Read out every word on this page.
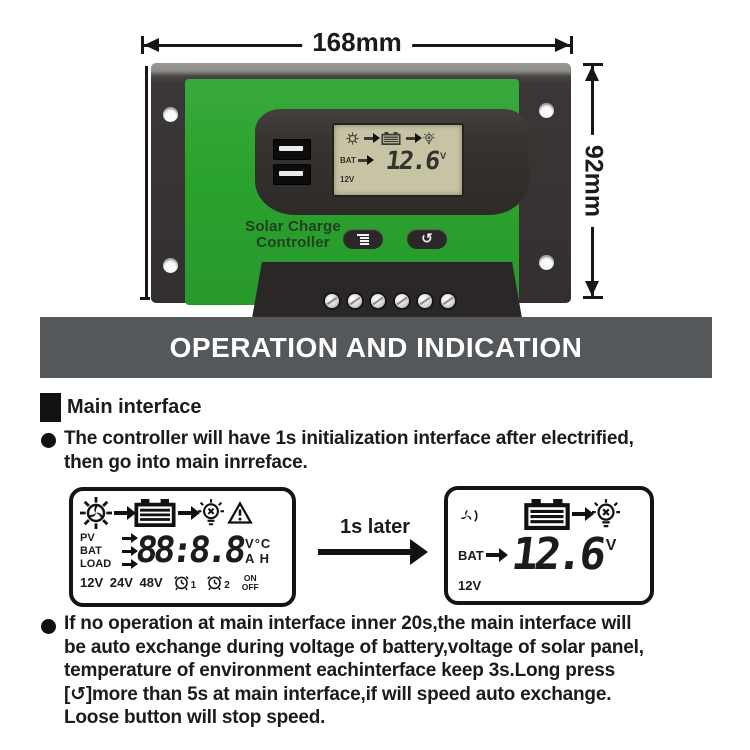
168mm
92mm
BAT 12.6 V
12V
Solar Charge
Controller	↺
OPERATION AND INDICATION
Main interface
The controller will have 1s initialization interface after electrified,
then go into main inrreface.
PV
BAT
LOAD 88:8.8 V°C
A H
12V 24V 48V	1	2
ON
OFF
1s later
BAT 12.6 V
12V
If no operation at main interface inner 20s,the main interface will
be auto exchange during voltage of battery,voltage of solar panel,
temperature of environment eachinterface keep 3s.Long press
[↺]more than 5s at main interface,if will speed auto exchange.
Loose button will stop speed.
